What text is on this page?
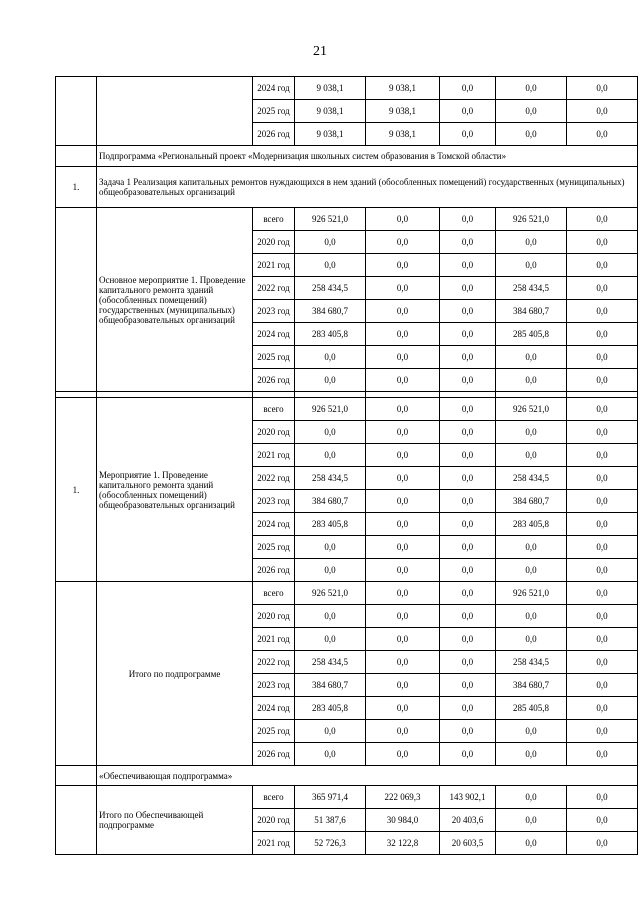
21
		2024 год	9 038,1	9 038,1	0,0	0,0	0,0
		2025 год	9 038,1	9 038,1	0,0	0,0	0,0
		2026 год	9 038,1	9 038,1	0,0	0,0	0,0
	Подпрограмма «Региональный проект «Модернизация школьных систем образования в Томской области»						
1.	Задача 1 Реализация капитальных ремонтов нуждающихся в нем зданий (обособленных помещений) государственных (муниципальных) общеобразовательных организаций						
	Основное мероприятие 1. Проведение капитального ремонта зданий (обособленных помещений) государственных (муниципальных) общеобразовательных организаций	всего	926 521,0	0,0	0,0	926 521,0	0,0
		2020 год	0,0	0,0	0,0	0,0	0,0
		2021 год	0,0	0,0	0,0	0,0	0,0
		2022 год	258 434,5	0,0	0,0	258 434,5	0,0
		2023 год	384 680,7	0,0	0,0	384 680,7	0,0
		2024 год	283 405,8	0,0	0,0	285 405,8	0,0
		2025 год	0,0	0,0	0,0	0,0	0,0
		2026 год	0,0	0,0	0,0	0,0	0,0

1.	Мероприятие 1. Проведение капитального ремонта зданий (обособленных помещений) общеобразовательных организаций	всего	926 521,0	0,0	0,0	926 521,0	0,0
		2020 год	0,0	0,0	0,0	0,0	0,0
		2021 год	0,0	0,0	0,0	0,0	0,0
		2022 год	258 434,5	0,0	0,0	258 434,5	0,0
		2023 год	384 680,7	0,0	0,0	384 680,7	0,0
		2024 год	283 405,8	0,0	0,0	283 405,8	0,0
		2025 год	0,0	0,0	0,0	0,0	0,0
		2026 год	0,0	0,0	0,0	0,0	0,0
	Итого по подпрограмме	всего	926 521,0	0,0	0,0	926 521,0	0,0
		2020 год	0,0	0,0	0,0	0,0	0,0
		2021 год	0,0	0,0	0,0	0,0	0,0
		2022 год	258 434,5	0,0	0,0	258 434,5	0,0
		2023 год	384 680,7	0,0	0,0	384 680,7	0,0
		2024 год	283 405,8	0,0	0,0	285 405,8	0,0
		2025 год	0,0	0,0	0,0	0,0	0,0
		2026 год	0,0	0,0	0,0	0,0	0,0
	«Обеспечивающая подпрограмма»						
	Итого по Обеспечивающей подпрограмме	всего	365 971,4	222 069,3	143 902,1	0,0	0,0
		2020 год	51 387,6	30 984,0	20 403,6	0,0	0,0
		2021 год	52 726,3	32 122,8	20 603,5	0,0	0,0
